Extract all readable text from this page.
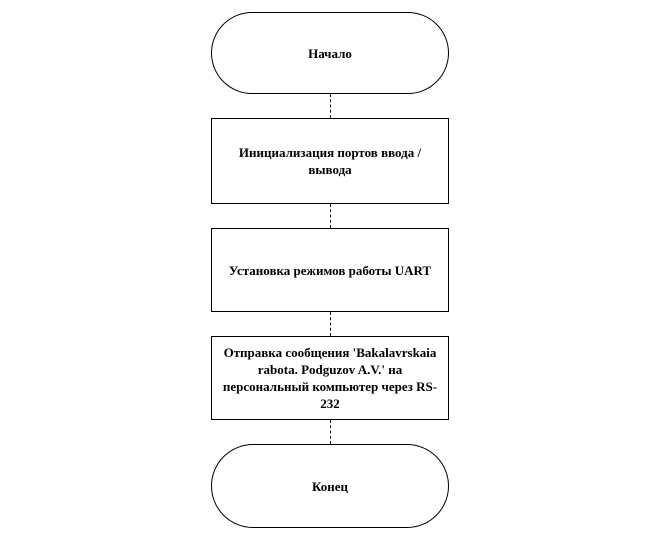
Начало
Инициализация портов ввода / вывода
Установка режимов работы UART
Отправка сообщения 'Bakalavrskaia rabota. Podguzov A.V.' на персональный компьютер через RS-232
Конец
